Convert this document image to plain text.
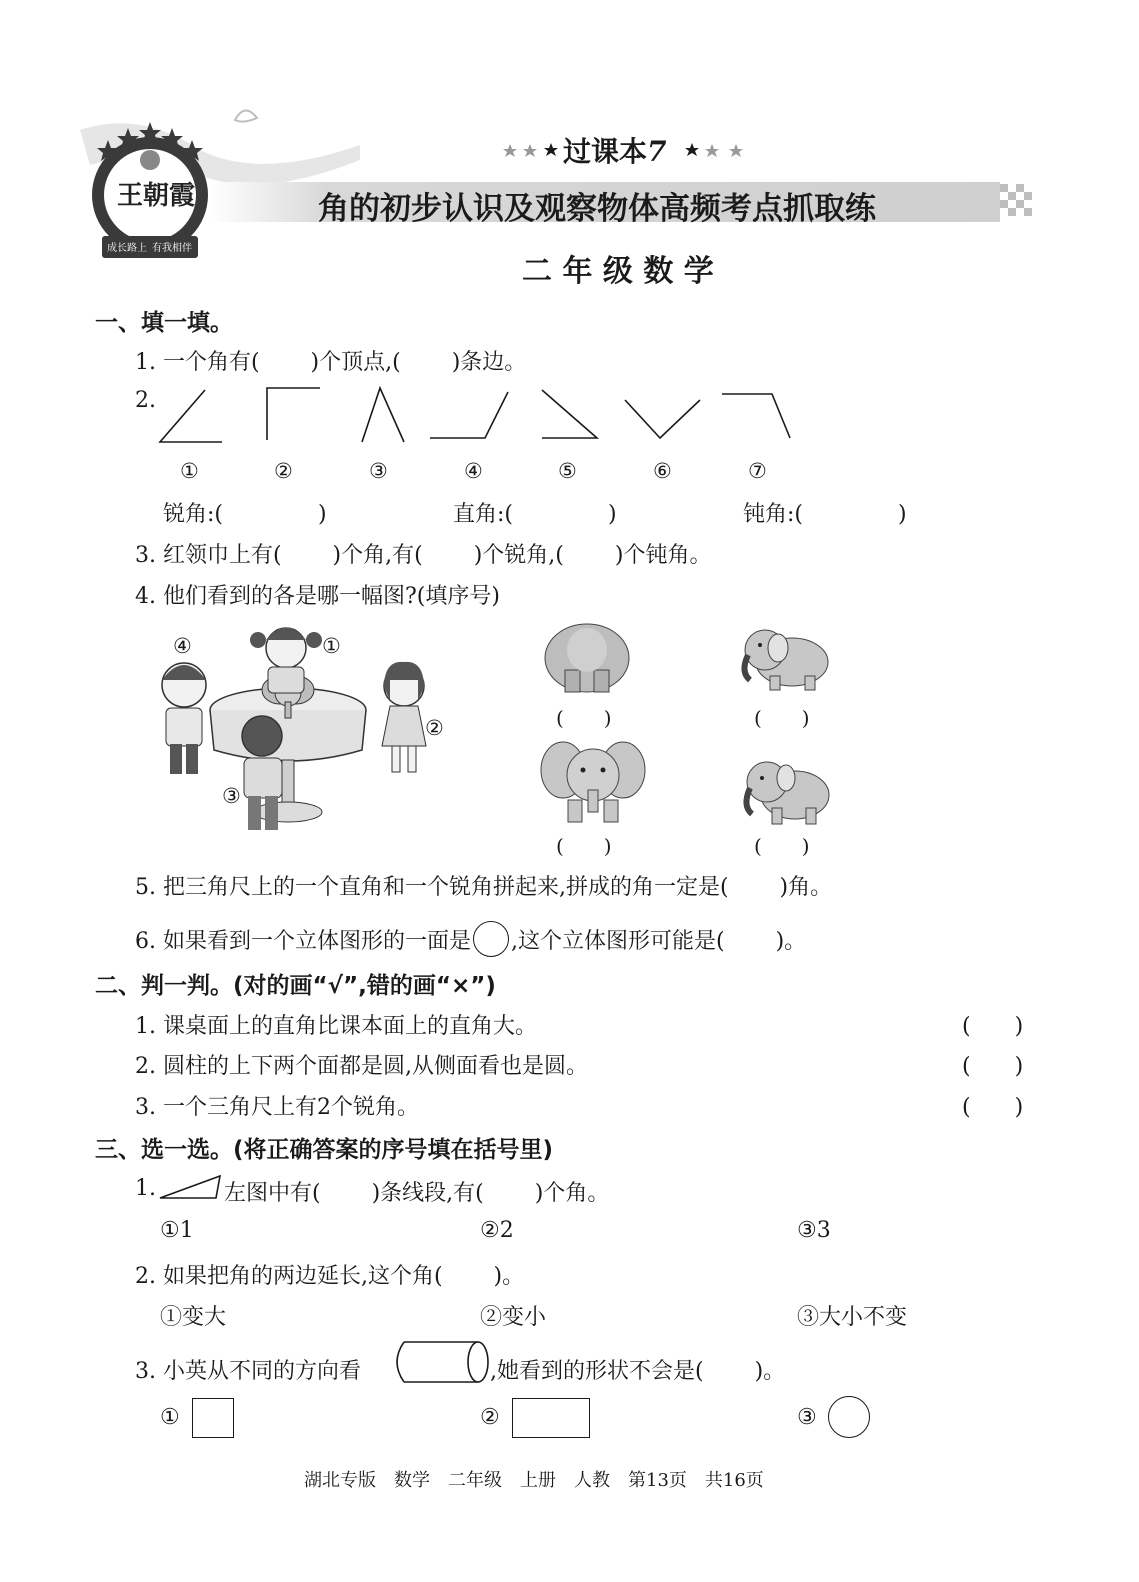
王朝霞
成长路上 有我相伴
过课本7
角的初步认识及观察物体高频考点抓取练
二 年 级 数 学
一、填一填。
1. 一个角有(　　 )个顶点,(　　 )条边。
2.
①	②	③	④	⑤	⑥	⑦
锐角:(　　　　 )	直角:(　　　　 )	钝角:(　　　　 )
3. 红领巾上有(　　 )个角,有(　　 )个锐角,(　　 )个钝角。
4. 他们看到的各是哪一幅图?(填序号)
④	①
②
③
(　　)	(　　)
(　　)	(　　)
5. 把三角尺上的一个直角和一个锐角拼起来,拼成的角一定是(　　 )角。
6. 如果看到一个立体图形的一面是 ,这个立体图形可能是(　　 )。
二、判一判。(对的画“√”,错的画“×”)
1. 课桌面上的直角比课本面上的直角大。
2. 圆柱的上下两个面都是圆,从侧面看也是圆。
3. 一个三角尺上有2个锐角。
(　　)
(　　)
(　　)
三、选一选。(将正确答案的序号填在括号里)
1.	左图中有(　　 )条线段,有(　　 )个角。
①1	②2	③3
2. 如果把角的两边延长,这个角(　　 )。
①变大	②变小	③大小不变
3. 小英从不同的方向看	,她看到的形状不会是(　　 )。
①	②	③
湖北专版　数学　二年级　上册　人教　第13页　共16页
